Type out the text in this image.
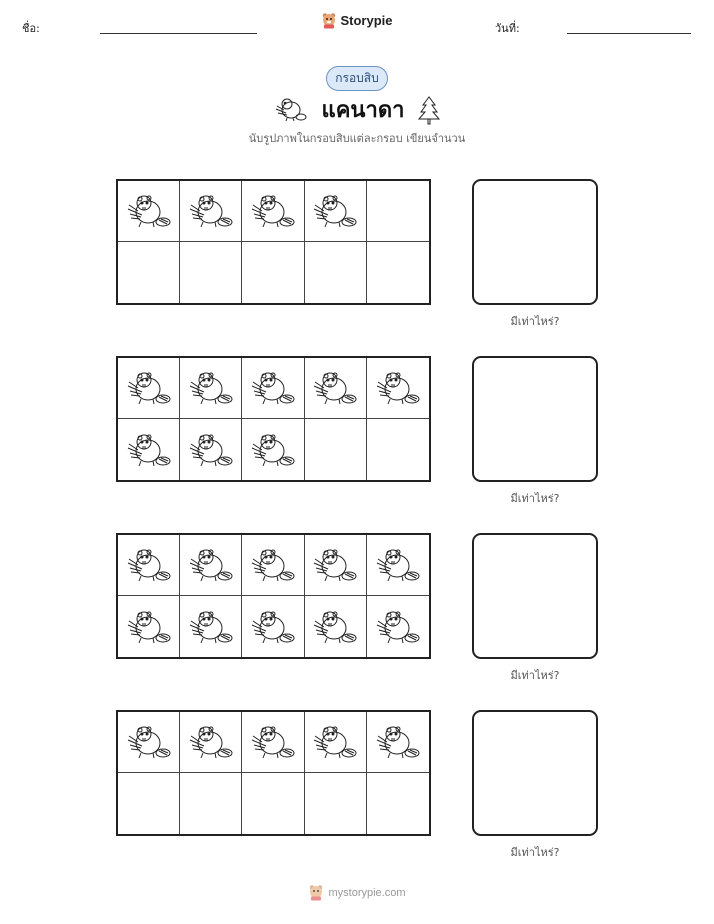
ชื่อ:
Storypie
วันที่:
กรอบสิบ
แคนาดา
นับรูปภาพในกรอบสิบแต่ละกรอบ เขียนจำนวน
มีเท่าไหร่?
มีเท่าไหร่?
มีเท่าไหร่?
มีเท่าไหร่?
mystorypie.com
